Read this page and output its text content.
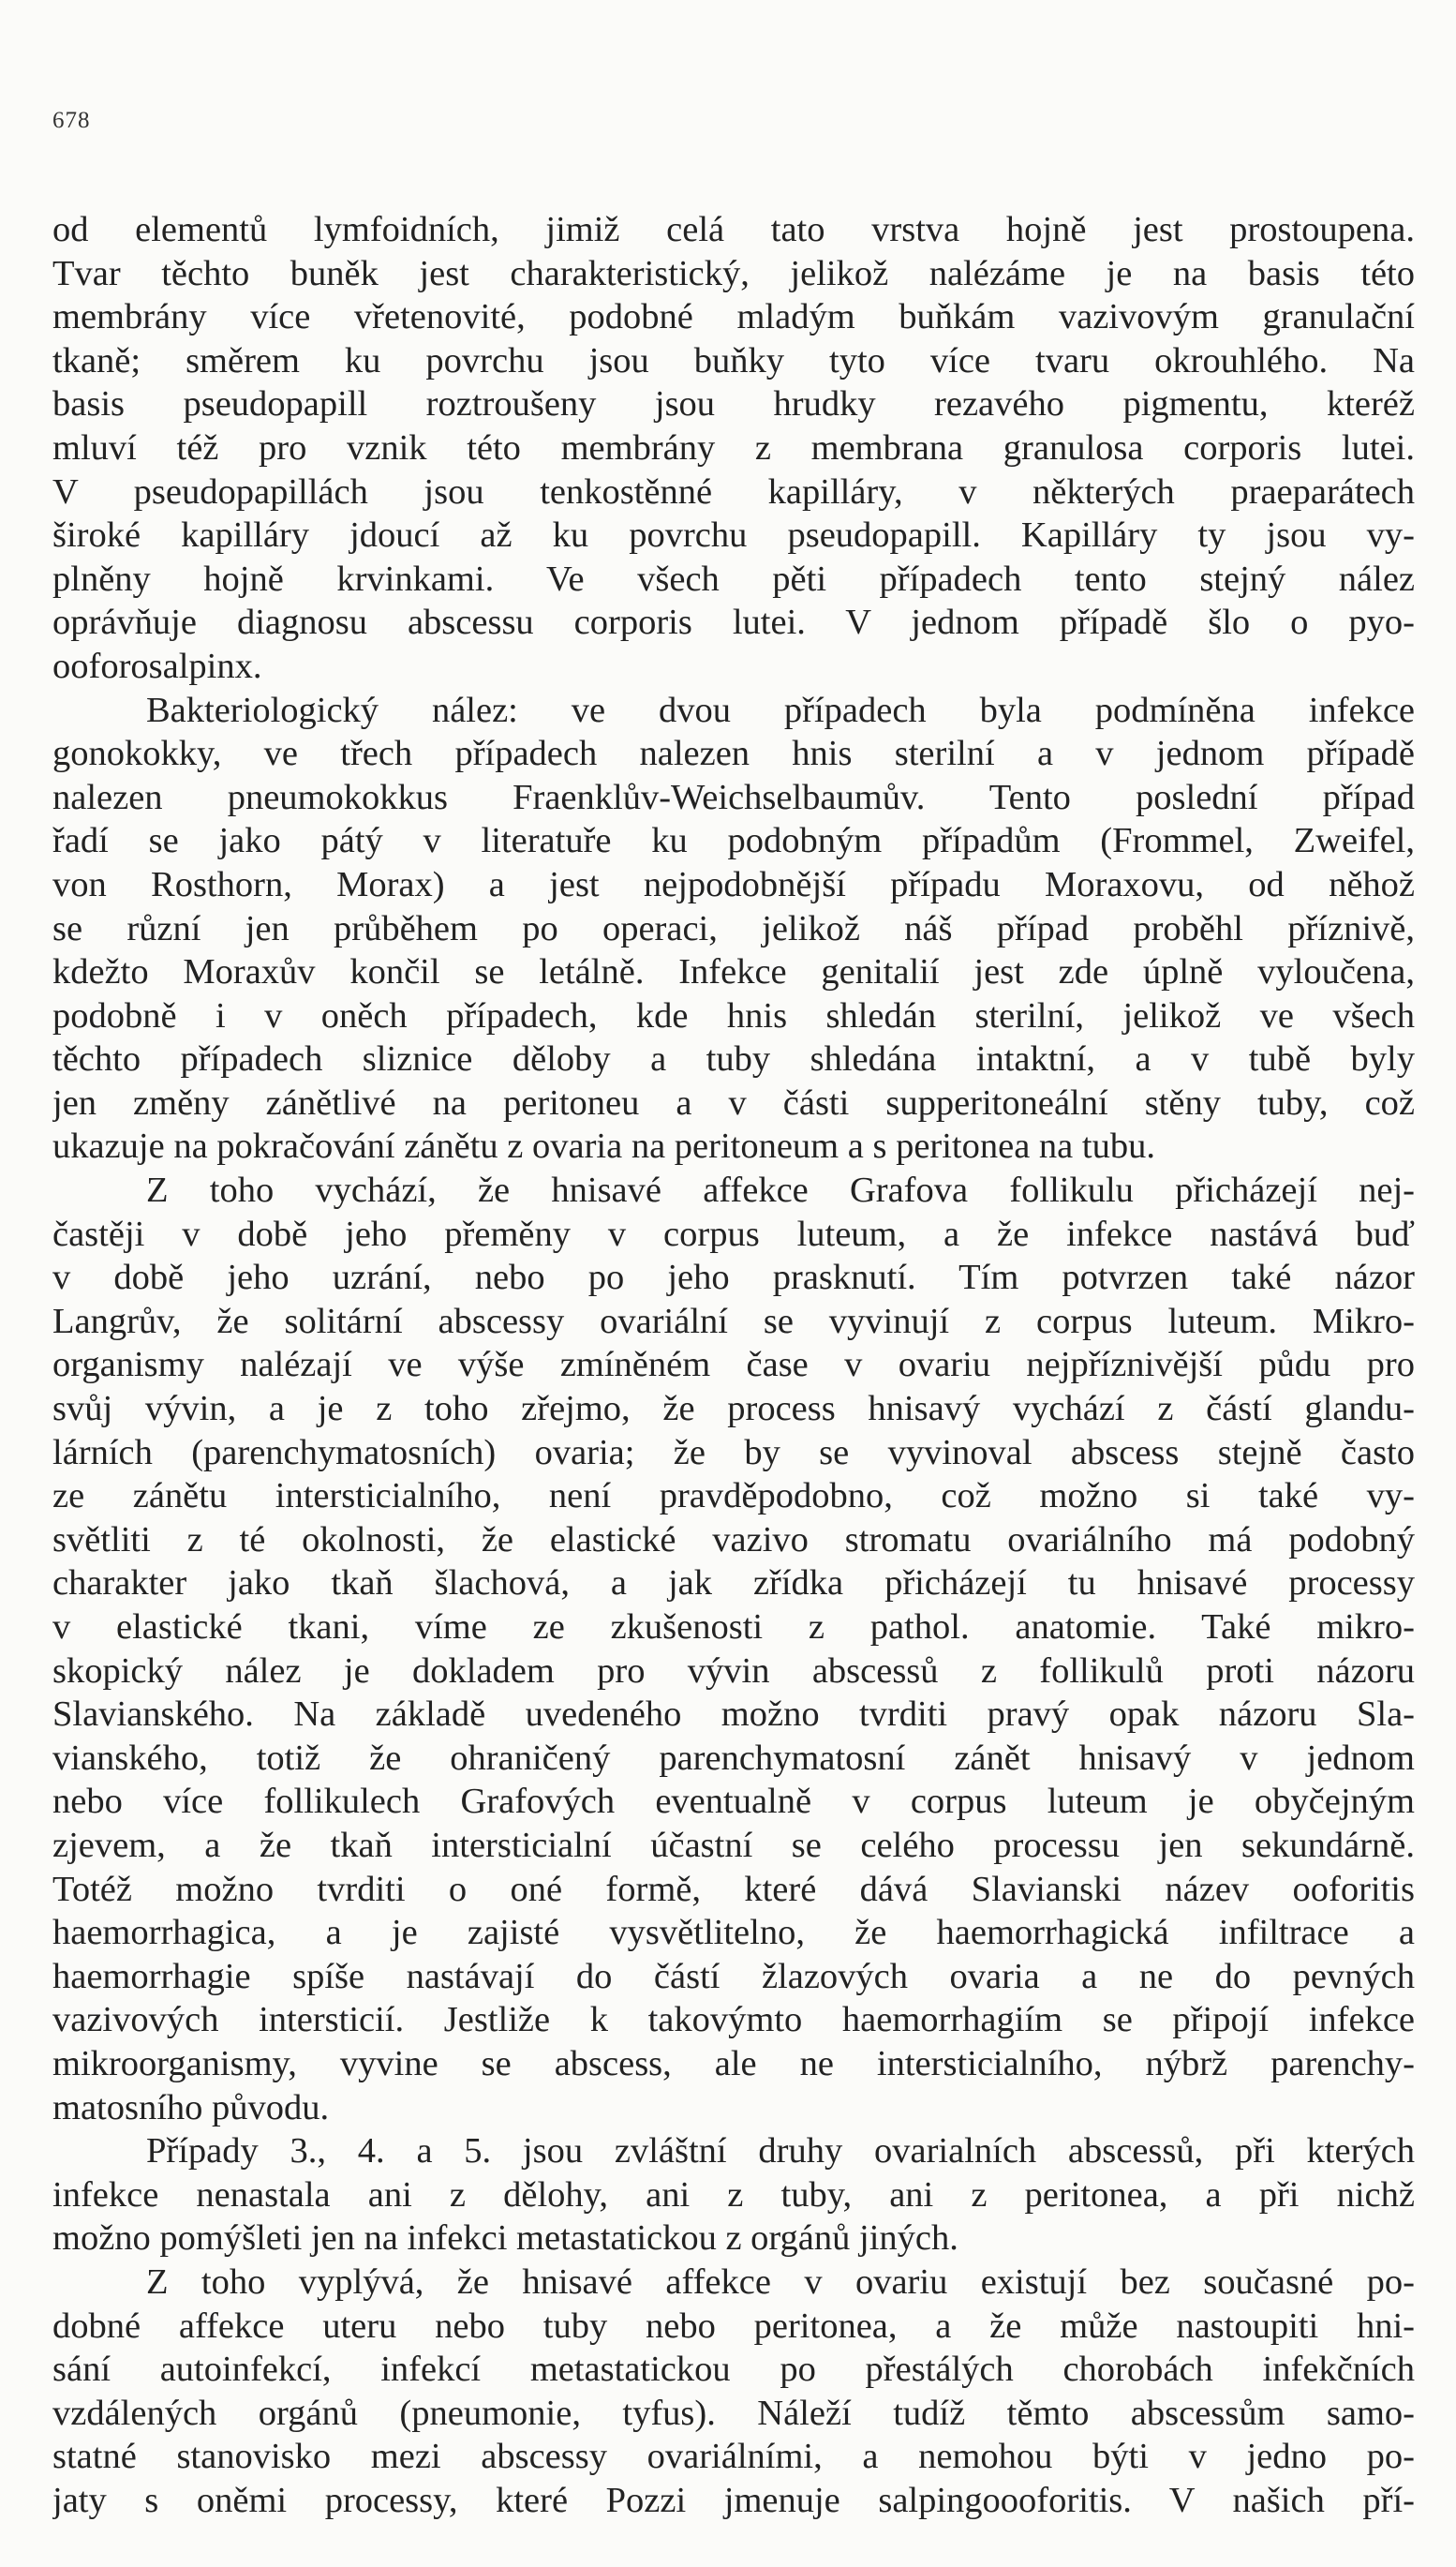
678
od elementů lymfoidních, jimiž celá tato vrstva hojně jest prostoupena.
Tvar těchto buněk jest charakteristický, jelikož nalézáme je na basis této
membrány více vřetenovité, podobné mladým buňkám vazivovým granulační
tkaně; směrem ku povrchu jsou buňky tyto více tvaru okrouhlého. Na
basis pseudopapill roztroušeny jsou hrudky rezavého pigmentu, kteréž
mluví též pro vznik této membrány z membrana granulosa corporis lutei.
V pseudopapillách jsou tenkostěnné kapilláry, v některých praeparátech
široké kapilláry jdoucí až ku povrchu pseudopapill. Kapilláry ty jsou vy-
plněny hojně krvinkami. Ve všech pěti případech tento stejný nález
oprávňuje diagnosu abscessu corporis lutei. V jednom případě šlo o pyo-
ooforosalpinx.
Bakteriologický nález: ve dvou případech byla podmíněna infekce
gonokokky, ve třech případech nalezen hnis sterilní a v jednom případě
nalezen pneumokokkus Fraenklův-Weichselbaumův. Tento poslední případ
řadí se jako pátý v literatuře ku podobným případům (Frommel, Zweifel,
von Rosthorn, Morax) a jest nejpodobnější případu Moraxovu, od něhož
se různí jen průběhem po operaci, jelikož náš případ proběhl příznivě,
kdežto Moraxův končil se letálně. Infekce genitalií jest zde úplně vyloučena,
podobně i v oněch případech, kde hnis shledán sterilní, jelikož ve všech
těchto případech sliznice děloby a tuby shledána intaktní, a v tubě byly
jen změny zánětlivé na peritoneu a v části supperitoneální stěny tuby, což
ukazuje na pokračování zánětu z ovaria na peritoneum a s peritonea na tubu.
Z toho vychází, že hnisavé affekce Grafova follikulu přicházejí nej-
častěji v době jeho přeměny v corpus luteum, a že infekce nastává buď
v době jeho uzrání, nebo po jeho prasknutí. Tím potvrzen také názor
Langrův, že solitární abscessy ovariální se vyvinují z corpus luteum. Mikro-
organismy nalézají ve výše zmíněném čase v ovariu nejpříznivější půdu pro
svůj vývin, a je z toho zřejmo, že process hnisavý vychází z částí glandu-
lárních (parenchymatosních) ovaria; že by se vyvinoval abscess stejně často
ze zánětu intersticialního, není pravděpodobno, což možno si také vy-
světliti z té okolnosti, že elastické vazivo stromatu ovariálního má podobný
charakter jako tkaň šlachová, a jak zřídka přicházejí tu hnisavé processy
v elastické tkani, víme ze zkušenosti z pathol. anatomie. Také mikro-
skopický nález je dokladem pro vývin abscessů z follikulů proti názoru
Slavianského. Na základě uvedeného možno tvrditi pravý opak názoru Sla-
vianského, totiž že ohraničený parenchymatosní zánět hnisavý v jednom
nebo více follikulech Grafových eventualně v corpus luteum je obyčejným
zjevem, a že tkaň intersticialní účastní se celého processu jen sekundárně.
Totéž možno tvrditi o oné formě, které dává Slavianski název ooforitis
haemorrhagica, a je zajisté vysvětlitelno, že haemorrhagická infiltrace a
haemorrhagie spíše nastávají do částí žlazových ovaria a ne do pevných
vazivových intersticií. Jestliže k takovýmto haemorrhagiím se připojí infekce
mikroorganismy, vyvine se abscess, ale ne intersticialního, nýbrž parenchy-
matosního původu.
Případy 3., 4. a 5. jsou zvláštní druhy ovarialních abscessů, při kterých
infekce nenastala ani z dělohy, ani z tuby, ani z peritonea, a při nichž
možno pomýšleti jen na infekci metastatickou z orgánů jiných.
Z toho vyplývá, že hnisavé affekce v ovariu existují bez současné po-
dobné affekce uteru nebo tuby nebo peritonea, a že může nastoupiti hni-
sání autoinfekcí, infekcí metastatickou po přestálých chorobách infekčních
vzdálených orgánů (pneumonie, tyfus). Náleží tudíž těmto abscessům samo-
statné stanovisko mezi abscessy ovariálními, a nemohou býti v jedno po-
jaty s oněmi processy, které Pozzi jmenuje salpingoooforitis. V našich pří-
